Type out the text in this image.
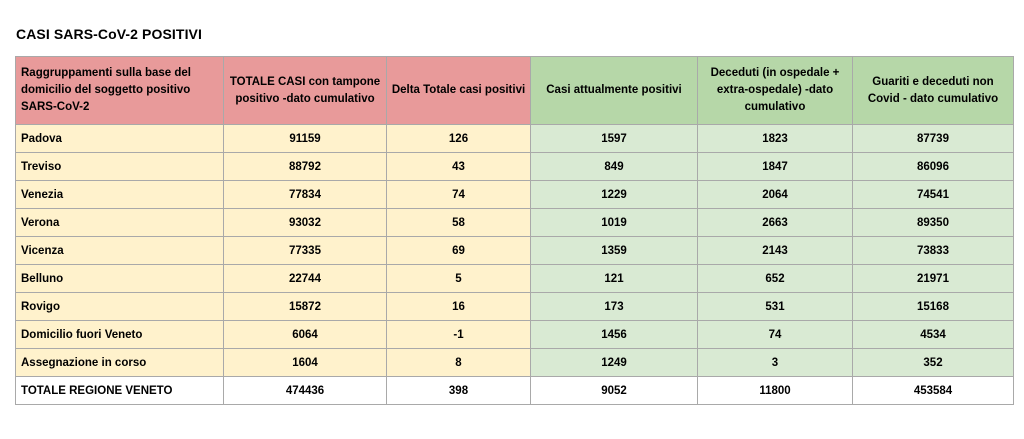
CASI SARS-CoV-2 POSITIVI
Raggruppamenti sulla base del domicilio del soggetto positivo SARS-CoV-2	TOTALE CASI con tampone positivo -dato cumulativo	Delta Totale casi positivi	Casi attualmente positivi	Deceduti (in ospedale + extra-ospedale) -dato cumulativo	Guariti e deceduti non Covid - dato cumulativo
Padova	91159	126	1597	1823	87739
Treviso	88792	43	849	1847	86096
Venezia	77834	74	1229	2064	74541
Verona	93032	58	1019	2663	89350
Vicenza	77335	69	1359	2143	73833
Belluno	22744	5	121	652	21971
Rovigo	15872	16	173	531	15168
Domicilio fuori Veneto	6064	-1	1456	74	4534
Assegnazione in corso	1604	8	1249	3	352
TOTALE REGIONE VENETO	474436	398	9052	11800	453584
